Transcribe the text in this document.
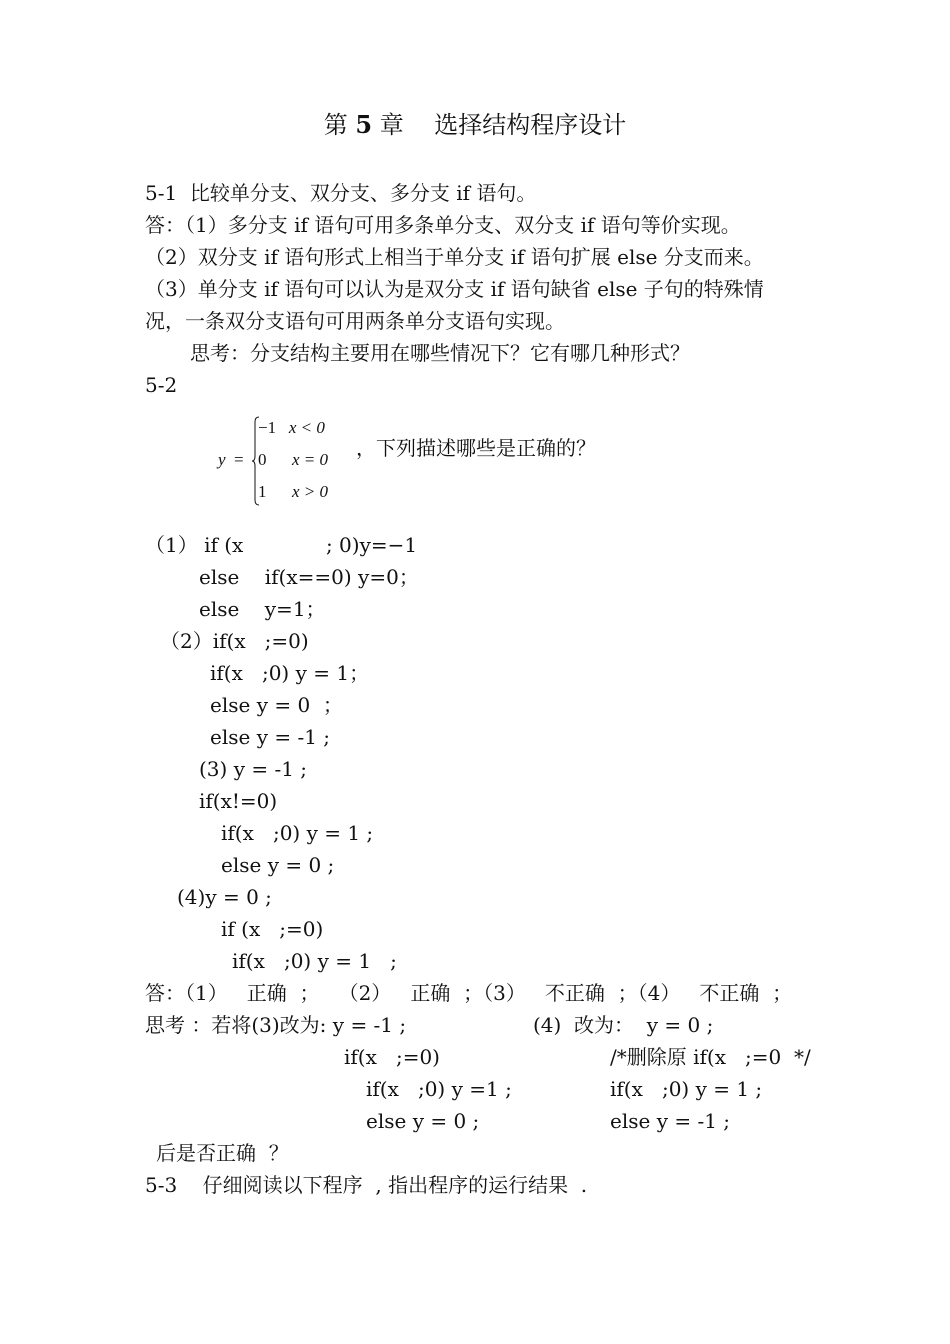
第 5 章    选择结构程序设计
5-1  比较单分支、双分支、多分支 if 语句。
答：（1）多分支 if 语句可用多条单分支、双分支 if 语句等价实现。
（2）双分支 if 语句形式上相当于单分支 if 语句扩展 else 分支而来。
（3）单分支 if 语句可以认为是双分支 if 语句缺省 else 子句的特殊情
况，一条双分支语句可用两条单分支语句实现。
思考：分支结构主要用在哪些情况下？它有哪几种形式？
5-2
y =
−1 x < 0
0 x = 0
1 x > 0
，下列描述哪些是正确的？
（1） if (x             ; 0)y=−1
else    if(x==0) y=0；
else    y=1；
（2）if(x   ;=0)
if(x   ;0) y = 1；
else y = 0  ；
else y = -1 ;
(3) y = -1 ;
if(x!=0)
if(x   ;0) y = 1 ;
else y = 0 ;
(4)y = 0 ;
if (x   ;=0)
if(x   ;0) y = 1   ;
答：（1）   正确  ；   （2）   正确  ；（3）   不正确  ；（4）   不正确  ；
思考 ：若将(3)改为: y = -1 ;
if(x   ;=0)
if(x   ;0) y =1 ;
else y = 0 ;
(4)  改为：  y = 0 ;
/*删除原 if(x   ;=0  */
if(x   ;0) y = 1 ;
else y = -1 ;
后是否正确  ？
5-3    仔细阅读以下程序  , 指出程序的运行结果  .
